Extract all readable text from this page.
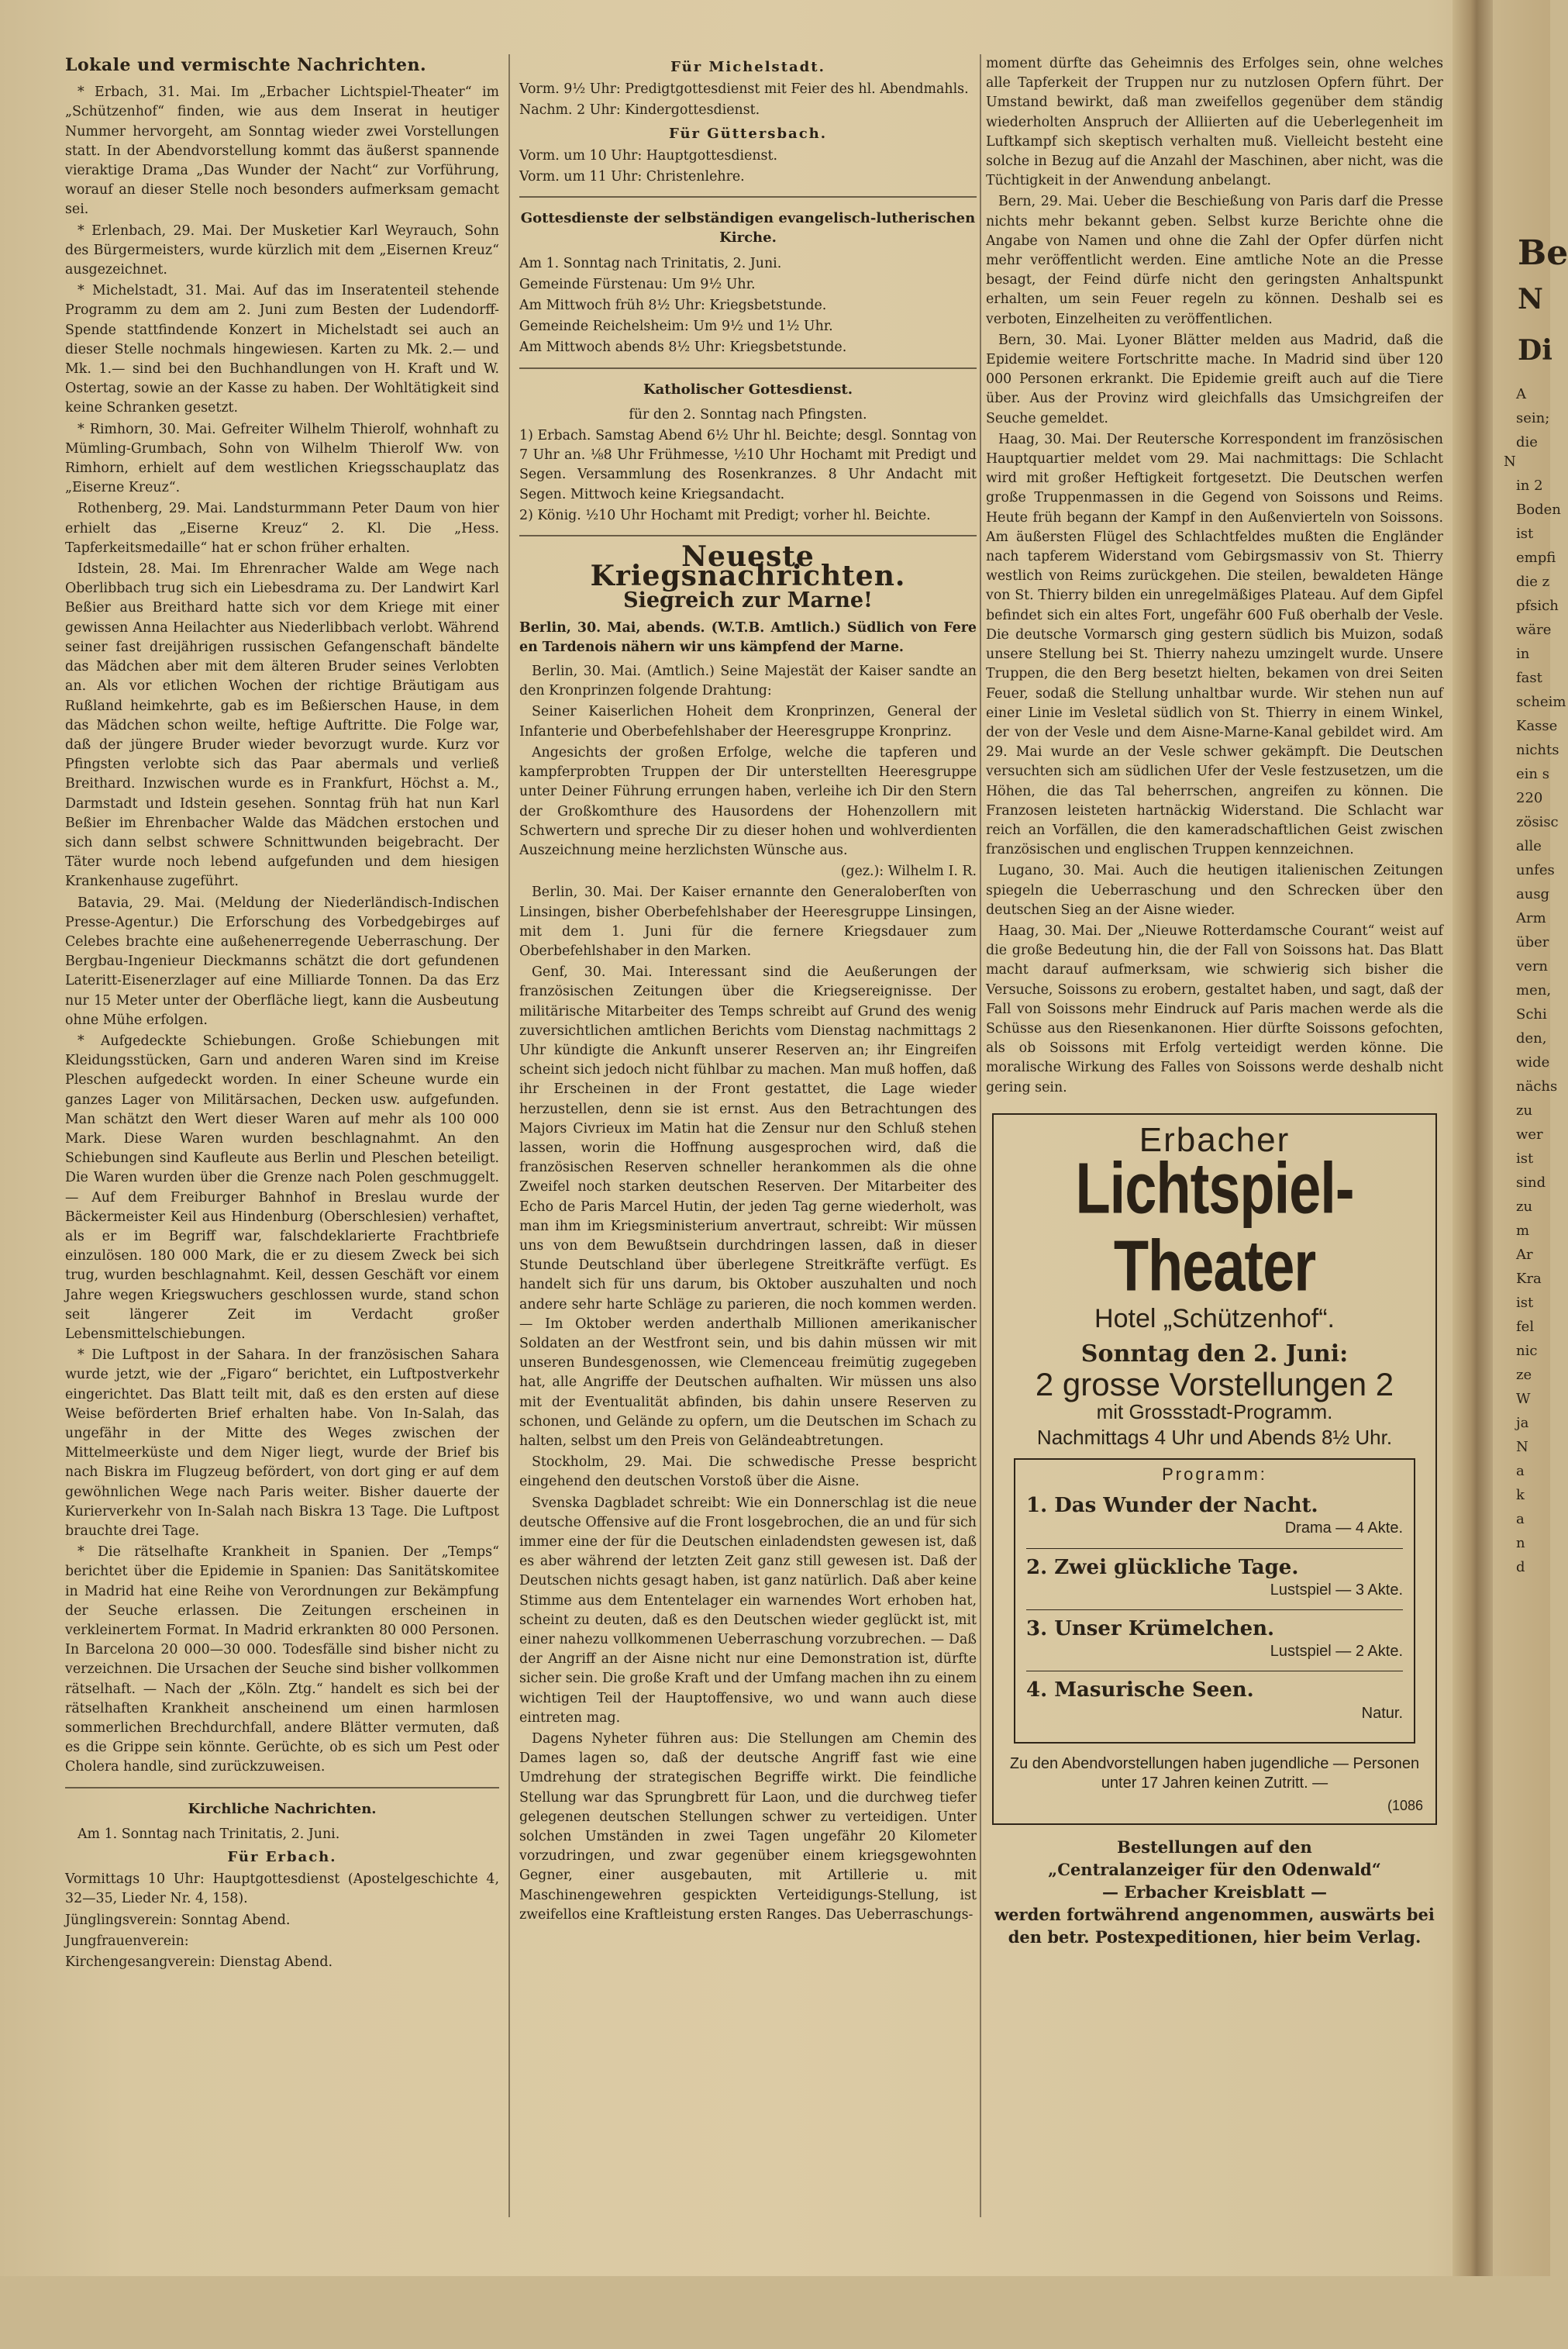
Lokale und vermischte Nachrichten.

* Erbach, 31. Mai. Im „Erbacher Lichtspiel-Theater“ im „Schützenhof“ finden, wie aus dem Inserat in heutiger Nummer hervorgeht, am Sonntag wieder zwei Vorstellungen statt. In der Abendvorstellung kommt das äußerst spannende vieraktige Drama „Das Wunder der Nacht“ zur Vorführung, worauf an dieser Stelle noch besonders aufmerksam gemacht sei.

* Erlenbach, 29. Mai. Der Musketier Karl Weyrauch, Sohn des Bürgermeisters, wurde kürzlich mit dem „Eisernen Kreuz“ ausgezeichnet.

* Michelstadt, 31. Mai. Auf das im Inseratenteil stehende Programm zu dem am 2. Juni zum Besten der Ludendorff-Spende stattfindende Konzert in Michelstadt sei auch an dieser Stelle nochmals hingewiesen. Karten zu Mk. 2.— und Mk. 1.— sind bei den Buchhandlungen von H. Kraft und W. Ostertag, sowie an der Kasse zu haben. Der Wohltätigkeit sind keine Schranken gesetzt.

* Rimhorn, 30. Mai. Gefreiter Wilhelm Thierolf, wohnhaft zu Mümling-Grumbach, Sohn von Wilhelm Thierolf Ww. von Rimhorn, erhielt auf dem westlichen Kriegsschauplatz das „Eiserne Kreuz“.

Rothenberg, 29. Mai. Landsturmmann Peter Daum von hier erhielt das „Eiserne Kreuz“ 2. Kl. Die „Hess. Tapferkeitsmedaille“ hat er schon früher erhalten.

Idstein, 28. Mai. Im Ehrenracher Walde am Wege nach Oberlibbach trug sich ein Liebesdrama zu. Der Landwirt Karl Beßier aus Breithard hatte sich vor dem Kriege mit einer gewissen Anna Heilachter aus Niederlibbach verlobt. Während seiner fast dreijährigen russischen Gefangenschaft bändelte das Mädchen aber mit dem älteren Bruder seines Verlobten an. Als vor etlichen Wochen der richtige Bräutigam aus Rußland heimkehrte, gab es im Beßierschen Hause, in dem das Mädchen schon weilte, heftige Auftritte. Die Folge war, daß der jüngere Bruder wieder bevorzugt wurde. Kurz vor Pfingsten verlobte sich das Paar abermals und verließ Breithard. Inzwischen wurde es in Frankfurt, Höchst a. M., Darmstadt und Idstein gesehen. Sonntag früh hat nun Karl Beßier im Ehrenbacher Walde das Mädchen erstochen und sich dann selbst schwere Schnittwunden beigebracht. Der Täter wurde noch lebend aufgefunden und dem hiesigen Krankenhause zugeführt.

Batavia, 29. Mai. (Meldung der Niederländisch-Indischen Presse-Agentur.) Die Erforschung des Vorbedgebirges auf Celebes brachte eine außehenerregende Ueberraschung. Der Bergbau-Ingenieur Dieckmanns schätzt die dort gefundenen Lateritt-Eisenerzlager auf eine Milliarde Tonnen. Da das Erz nur 15 Meter unter der Oberfläche liegt, kann die Ausbeutung ohne Mühe erfolgen.

* Aufgedeckte Schiebungen. Große Schiebungen mit Kleidungsstücken, Garn und anderen Waren sind im Kreise Pleschen aufgedeckt worden. In einer Scheune wurde ein ganzes Lager von Militärsachen, Decken usw. aufgefunden. Man schätzt den Wert dieser Waren auf mehr als 100 000 Mark. Diese Waren wurden beschlagnahmt. An den Schiebungen sind Kaufleute aus Berlin und Pleschen beteiligt. Die Waren wurden über die Grenze nach Polen geschmuggelt. — Auf dem Freiburger Bahnhof in Breslau wurde der Bäckermeister Keil aus Hindenburg (Oberschlesien) verhaftet, als er im Begriff war, falschdeklarierte Frachtbriefe einzulösen. 180 000 Mark, die er zu diesem Zweck bei sich trug, wurden beschlagnahmt. Keil, dessen Geschäft vor einem Jahre wegen Kriegswuchers geschlossen wurde, stand schon seit längerer Zeit im Verdacht großer Lebensmittelschiebungen.

* Die Luftpost in der Sahara. In der französischen Sahara wurde jetzt, wie der „Figaro“ berichtet, ein Luftpostverkehr eingerichtet. Das Blatt teilt mit, daß es den ersten auf diese Weise beförderten Brief erhalten habe. Von In-Salah, das ungefähr in der Mitte des Weges zwischen der Mittelmeerküste und dem Niger liegt, wurde der Brief bis nach Biskra im Flugzeug befördert, von dort ging er auf dem gewöhnlichen Wege nach Paris weiter. Bisher dauerte der Kurierverkehr von In-Salah nach Biskra 13 Tage. Die Luftpost brauchte drei Tage.

* Die rätselhafte Krankheit in Spanien. Der „Temps“ berichtet über die Epidemie in Spanien: Das Sanitätskomitee in Madrid hat eine Reihe von Verordnungen zur Bekämpfung der Seuche erlassen. Die Zeitungen erscheinen in verkleinertem Format. In Madrid erkrankten 80 000 Personen. In Barcelona 20 000—30 000. Todesfälle sind bisher nicht zu verzeichnen. Die Ursachen der Seuche sind bisher vollkommen rätselhaft. — Nach der „Köln. Ztg.“ handelt es sich bei der rätselhaften Krankheit anscheinend um einen harmlosen sommerlichen Brechdurchfall, andere Blätter vermuten, daß es die Grippe sein könnte. Gerüchte, ob es sich um Pest oder Cholera handle, sind zurückzuweisen.

Kirchliche Nachrichten.

Am 1. Sonntag nach Trinitatis, 2. Juni.

Für Erbach.

Vormittags 10 Uhr: Hauptgottesdienst (Apostelgeschichte 4, 32—35, Lieder Nr. 4, 158).

Jünglingsverein: Sonntag Abend.

Jungfrauenverein:

Kirchengesangverein: Dienstag Abend.

Für Michelstadt.

Vorm. 9½ Uhr: Predigtgottesdienst mit Feier des hl. Abendmahls.

Nachm. 2 Uhr: Kindergottesdienst.

Für Güttersbach.

Vorm. um 10 Uhr: Hauptgottesdienst.

Vorm. um 11 Uhr: Christenlehre.

Gottesdienste der selbständigen evangelisch-lutherischen Kirche.

Am 1. Sonntag nach Trinitatis, 2. Juni.

Gemeinde Fürstenau: Um 9½ Uhr.

Am Mittwoch früh 8½ Uhr: Kriegsbetstunde.

Gemeinde Reichelsheim: Um 9½ und 1½ Uhr.

Am Mittwoch abends 8½ Uhr: Kriegsbetstunde.

Katholischer Gottesdienst.

für den 2. Sonntag nach Pfingsten.

1) Erbach. Samstag Abend 6½ Uhr hl. Beichte; desgl. Sonntag von 7 Uhr an. ⅛8 Uhr Frühmesse, ½10 Uhr Hochamt mit Predigt und Segen. Versammlung des Rosenkranzes. 8 Uhr Andacht mit Segen. Mittwoch keine Kriegsandacht.

2) König. ½10 Uhr Hochamt mit Predigt; vorher hl. Beichte.

Neueste Kriegsnachrichten.
Siegreich zur Marne!

Berlin, 30. Mai, abends. (W.T.B. Amtlich.) Südlich von Fere en Tardenois nähern wir uns kämpfend der Marne.

Berlin, 30. Mai. (Amtlich.) Seine Majestät der Kaiser sandte an den Kronprinzen folgende Drahtung:

Seiner Kaiserlichen Hoheit dem Kronprinzen, General der Infanterie und Oberbefehlshaber der Heeresgruppe Kronprinz.

Angesichts der großen Erfolge, welche die tapferen und kampferprobten Truppen der Dir unterstellten Heeresgruppe unter Deiner Führung errungen haben, verleihe ich Dir den Stern der Großkomthure des Hausordens der Hohenzollern mit Schwertern und spreche Dir zu dieser hohen und wohlverdienten Auszeichnung meine herzlichsten Wünsche aus.

(gez.): Wilhelm I. R.

Berlin, 30. Mai. Der Kaiser ernannte den Generaloberſten von Linsingen, bisher Oberbefehlshaber der Heeresgruppe Linsingen, mit dem 1. Juni für die fernere Kriegsdauer zum Oberbefehlshaber in den Marken.

Genf, 30. Mai. Interessant sind die Aeußerungen der französischen Zeitungen über die Kriegsereignisse. Der militärische Mitarbeiter des Temps schreibt auf Grund des wenig zuversichtlichen amtlichen Berichts vom Dienstag nachmittags 2 Uhr kündigte die Ankunft unserer Reserven an; ihr Eingreifen scheint sich jedoch nicht fühlbar zu machen. Man muß hoffen, daß ihr Erscheinen in der Front gestattet, die Lage wieder herzustellen, denn sie ist ernst. Aus den Betrachtungen des Majors Civrieux im Matin hat die Zensur nur den Schluß stehen lassen, worin die Hoffnung ausgesprochen wird, daß die französischen Reserven schneller herankommen als die ohne Zweifel noch starken deutschen Reserven. Der Mitarbeiter des Echo de Paris Marcel Hutin, der jeden Tag gerne wiederholt, was man ihm im Kriegsministerium anvertraut, schreibt: Wir müssen uns von dem Bewußtsein durchdringen lassen, daß in dieser Stunde Deutschland über überlegene Streitkräfte verfügt. Es handelt sich für uns darum, bis Oktober auszuhalten und noch andere sehr harte Schläge zu parieren, die noch kommen werden. — Im Oktober werden anderthalb Millionen amerikanischer Soldaten an der Westfront sein, und bis dahin müssen wir mit unseren Bundesgenossen, wie Clemenceau freimütig zugegeben hat, alle Angriffe der Deutschen aufhalten. Wir müssen uns also mit der Eventualität abfinden, bis dahin unsere Reserven zu schonen, und Gelände zu opfern, um die Deutschen im Schach zu halten, selbst um den Preis von Geländeabtretungen.

Stockholm, 29. Mai. Die schwedische Presse bespricht eingehend den deutschen Vorstoß über die Aisne.

Svenska Dagbladet schreibt: Wie ein Donnerschlag ist die neue deutsche Offensive auf die Front losgebrochen, die an und für sich immer eine der für die Deutschen einladendsten gewesen ist, daß es aber während der letzten Zeit ganz still gewesen ist. Daß der Deutschen nichts gesagt haben, ist ganz natürlich. Daß aber keine Stimme aus dem Ententelager ein warnendes Wort erhoben hat, scheint zu deuten, daß es den Deutschen wieder geglückt ist, mit einer nahezu vollkommenen Ueberraschung vorzubrechen. — Daß der Angriff an der Aisne nicht nur eine Demonstration ist, dürfte sicher sein. Die große Kraft und der Umfang machen ihn zu einem wichtigen Teil der Hauptoffensive, wo und wann auch diese eintreten mag.

Dagens Nyheter führen aus: Die Stellungen am Chemin des Dames lagen so, daß der deutsche Angriff fast wie eine Umdrehung der strategischen Begriffe wirkt. Die feindliche Stellung war das Sprungbrett für Laon, und die durchweg tiefer gelegenen deutschen Stellungen schwer zu verteidigen. Unter solchen Umständen in zwei Tagen ungefähr 20 Kilometer vorzudringen, und zwar gegenüber einem kriegsgewohnten Gegner, einer ausgebauten, mit Artillerie u. mit Maschinengewehren gespickten Verteidigungs-Stellung, ist zweifellos eine Kraftleistung ersten Ranges. Das Ueberraschungs-

moment dürfte das Geheimnis des Erfolges sein, ohne welches alle Tapferkeit der Truppen nur zu nutzlosen Opfern führt. Der Umstand bewirkt, daß man zweifellos gegenüber dem ständig wiederholten Anspruch der Alliierten auf die Ueberlegenheit im Luftkampf sich skeptisch verhalten muß. Vielleicht besteht eine solche in Bezug auf die Anzahl der Maschinen, aber nicht, was die Tüchtigkeit in der Anwendung anbelangt.

Bern, 29. Mai. Ueber die Beschießung von Paris darf die Presse nichts mehr bekannt geben. Selbst kurze Berichte ohne die Angabe von Namen und ohne die Zahl der Opfer dürfen nicht mehr veröffentlicht werden. Eine amtliche Note an die Presse besagt, der Feind dürfe nicht den geringsten Anhaltspunkt erhalten, um sein Feuer regeln zu können. Deshalb sei es verboten, Einzelheiten zu veröffentlichen.

Bern, 30. Mai. Lyoner Blätter melden aus Madrid, daß die Epidemie weitere Fortschritte mache. In Madrid sind über 120 000 Personen erkrankt. Die Epidemie greift auch auf die Tiere über. Aus der Provinz wird gleichfalls das Umsichgreifen der Seuche gemeldet.

Haag, 30. Mai. Der Reutersche Korrespondent im französischen Hauptquartier meldet vom 29. Mai nachmittags: Die Schlacht wird mit großer Heftigkeit fortgesetzt. Die Deutschen werfen große Truppenmassen in die Gegend von Soissons und Reims. Heute früh begann der Kampf in den Außenvierteln von Soissons. Am äußersten Flügel des Schlachtfeldes mußten die Engländer nach tapferem Widerstand vom Gebirgsmassiv von St. Thierry westlich von Reims zurückgehen. Die steilen, bewaldeten Hänge von St. Thierry bilden ein unregelmäßiges Plateau. Auf dem Gipfel befindet sich ein altes Fort, ungefähr 600 Fuß oberhalb der Vesle. Die deutsche Vormarsch ging gestern südlich bis Muizon, sodaß unsere Stellung bei St. Thierry nahezu umzingelt wurde. Unsere Truppen, die den Berg besetzt hielten, bekamen von drei Seiten Feuer, sodaß die Stellung unhaltbar wurde. Wir stehen nun auf einer Linie im Vesletal südlich von St. Thierry in einem Winkel, der von der Vesle und dem Aisne-Marne-Kanal gebildet wird. Am 29. Mai wurde an der Vesle schwer gekämpft. Die Deutschen versuchten sich am südlichen Ufer der Vesle festzusetzen, um die Höhen, die das Tal beherrschen, angreifen zu können. Die Franzosen leisteten hartnäckig Widerstand. Die Schlacht war reich an Vorfällen, die den kameradschaftlichen Geist zwischen französischen und englischen Truppen kennzeichnen.

Lugano, 30. Mai. Auch die heutigen italienischen Zeitungen spiegeln die Ueberraschung und den Schrecken über den deutschen Sieg an der Aisne wieder.

Haag, 30. Mai. Der „Nieuwe Rotterdamsche Courant“ weist auf die große Bedeutung hin, die der Fall von Soissons hat. Das Blatt macht darauf aufmerksam, wie schwierig sich bisher die Versuche, Soissons zu erobern, gestaltet haben, und sagt, daß der Fall von Soissons mehr Eindruck auf Paris machen werde als die Schüsse aus den Riesenkanonen. Hier dürfte Soissons gefochten, als ob Soissons mit Erfolg verteidigt werden könne. Die moralische Wirkung des Falles von Soissons werde deshalb nicht gering sein.

Erbacher
Lichtspiel-Theater
Hotel „Schützenhof“.
Sonntag den 2. Juni:
2 grosse Vorstellungen 2
mit Grossstadt-Programm.
Nachmittags 4 Uhr und Abends 8½ Uhr.
Programm:
1. Das Wunder der Nacht.
Drama — 4 Akte.
2. Zwei glückliche Tage.
Lustspiel — 3 Akte.
3. Unser Krümelchen.
Lustspiel — 2 Akte.
4. Masurische Seen.
Natur.
Zu den Abendvorstellungen haben jugendliche — Personen unter 17 Jahren keinen Zutritt. —
(1086
Bestellungen auf den
„Centralanzeiger für den Odenwald“
— Erbacher Kreisblatt —
werden fortwährend angenommen, auswärts bei
den betr. Postexpeditionen, hier beim Verlag.

Be

N

Di

A

sein;

die N

in 2

Boden

ist

empfi

die z

pfsich

wäre

in

fast

scheim

Kasse

nichts

ein s

220

zösisc

alle

unfes

ausg

Arm

über

vern

men,

Schi

den,

wide

nächs

zu

wer

ist

sind

zu

m

Ar

Kra

ist

fel

nic

ze

W

ja

N

a

k

a

n

d
